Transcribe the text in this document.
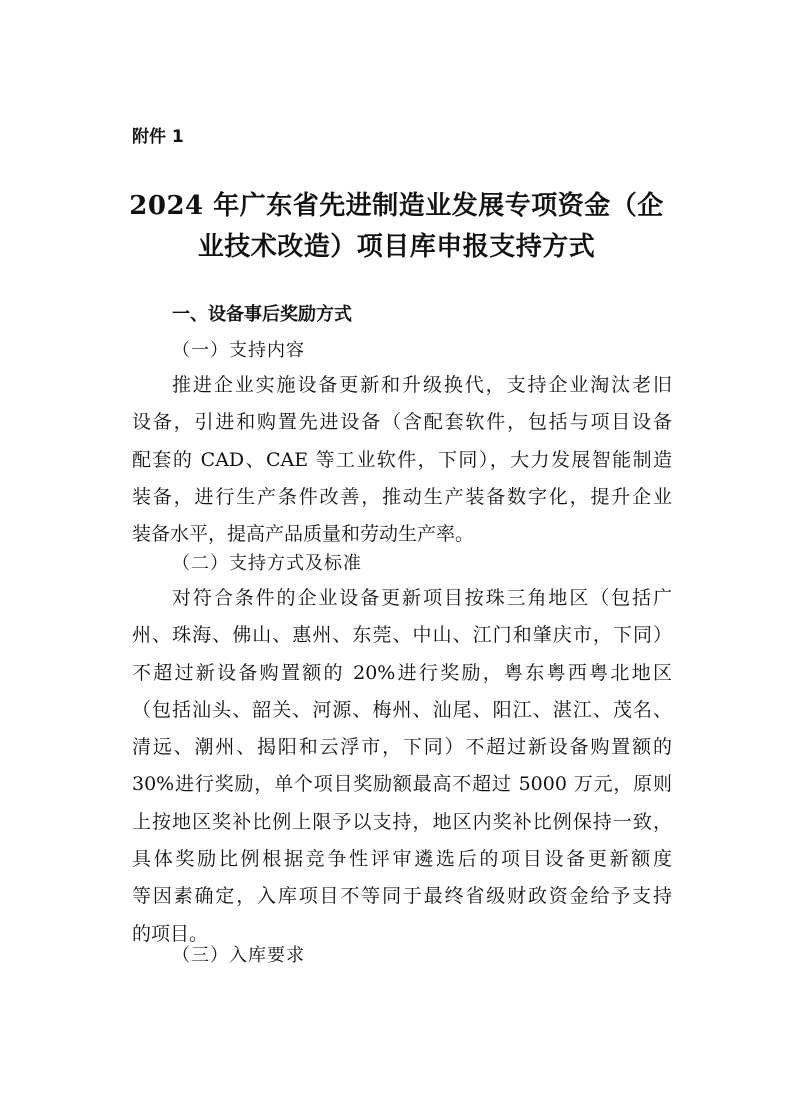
附件 1
2024 年广东省先进制造业发展专项资金（企
业技术改造）项目库申报支持方式
一、设备事后奖励方式
（一）支持内容
推进企业实施设备更新和升级换代，支持企业淘汰老旧
设备，引进和购置先进设备（含配套软件，包括与项目设备
配套的 CAD、CAE 等工业软件，下同），大力发展智能制造
装备，进行生产条件改善，推动生产装备数字化，提升企业
装备水平，提高产品质量和劳动生产率。
（二）支持方式及标准
对符合条件的企业设备更新项目按珠三角地区（包括广
州、珠海、佛山、惠州、东莞、中山、江门和肇庆市，下同）
不超过新设备购置额的 20%进行奖励，粤东粤西粤北地区
（包括汕头、韶关、河源、梅州、汕尾、阳江、湛江、茂名、
清远、潮州、揭阳和云浮市，下同）不超过新设备购置额的
30%进行奖励，单个项目奖励额最高不超过 5000 万元，原则
上按地区奖补比例上限予以支持，地区内奖补比例保持一致，
具体奖励比例根据竞争性评审遴选后的项目设备更新额度
等因素确定，入库项目不等同于最终省级财政资金给予支持
的项目。
（三）入库要求
